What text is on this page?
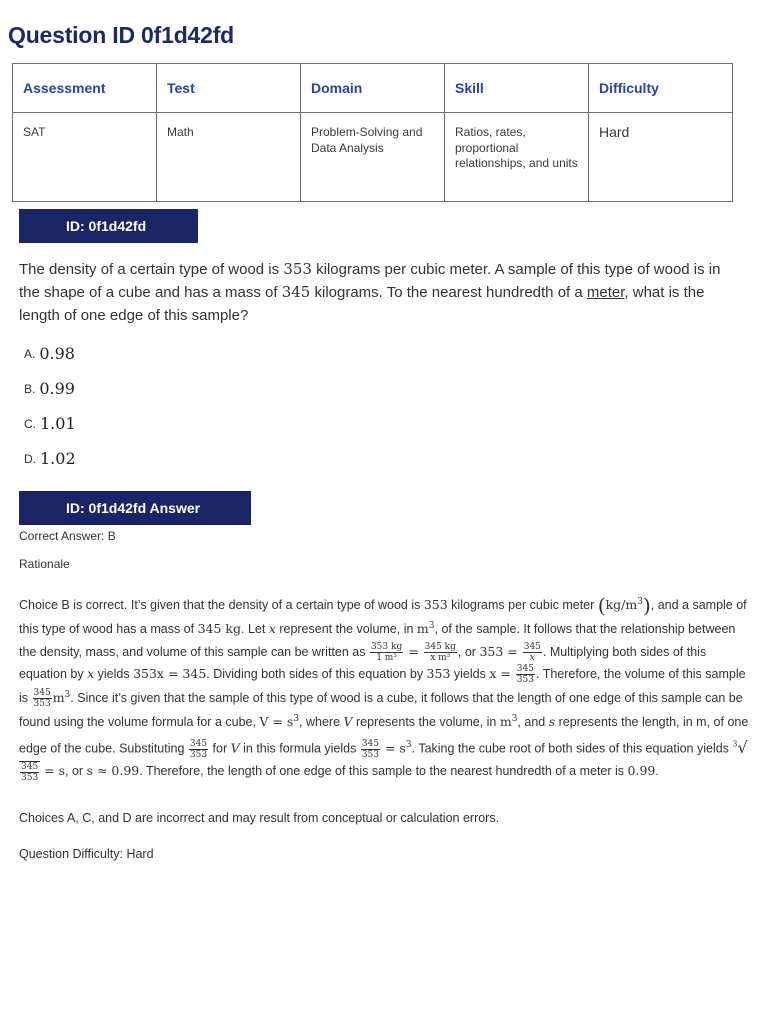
Question ID 0f1d42fd
Assessment	Test	Domain	Skill	Difficulty

SAT	Math	Problem-Solving and Data Analysis	Ratios, rates, proportional relationships, and units	Hard
ID: 0f1d42fd

The density of a certain type of wood is 353 kilograms per cubic meter. A sample of this type of wood is in the shape of a cube and has a mass of 345 kilograms. To the nearest hundredth of a meter, what is the length of one edge of this sample?

A. 0.98
B. 0.99
C. 1.01
D. 1.02
ID: 0f1d42fd Answer

Correct Answer: B

Rationale

Choice B is correct. It’s given that the density of a certain type of wood is 353 kilograms per cubic meter $(kg/m^3)$, and a sample of this type of wood has a mass of 345 kg. Let x represent the volume, in $m^3$, of the sample. It follows that the relationship between the density, mass, and volume of this sample can be written as $\frac{353 kg}{\text{1 m³}} = \frac{345 kg}{\text{x m³}}$ , or $353 = \frac{345}{x}$ . Multiplying both sides of this equation by x yields 353x = 345. Dividing both sides of this equation by 353 yields $x = \frac{345}{353}$ . Therefore, the volume of this sample is $\frac{345}{353} m^3$. Since it’s given that the sample of this type of wood is a cube, it follows that the length of one edge of this sample can be found using the volume formula for a cube, $V = s^3$, where V represents the volume, in $m^3$, and s represents the length, in m, of one edge of the cube. Substituting $\frac{345}{353}$ for V in this formula yields $\frac{345}{353} = s^3$. Taking the cube root of both sides of this equation yields $^3$√
$\frac{345}{353} = s$, or s ≈ 0.99. Therefore, the length of one edge of this sample to the nearest hundredth of a meter is 0.99.

Choices A, C, and D are incorrect and may result from conceptual or calculation errors.

Question Difficulty: Hard
